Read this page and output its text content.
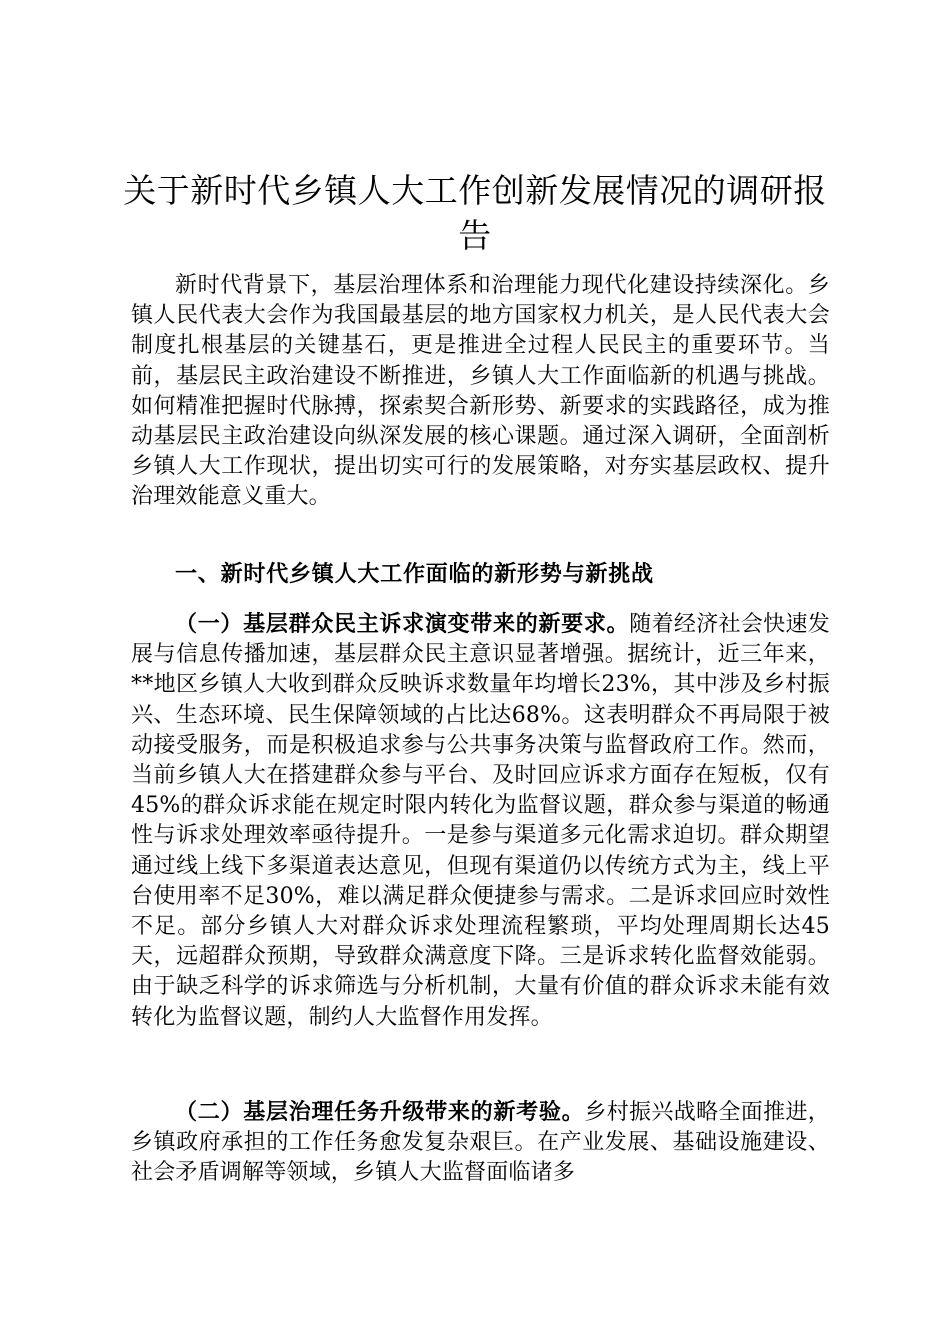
关于新时代乡镇人大工作创新发展情况的调研报告

新时代背景下，基层治理体系和治理能力现代化建设持续深化。乡镇人民代表大会作为我国最基层的地方国家权力机关，是人民代表大会制度扎根基层的关键基石，更是推进全过程人民民主的重要环节。当前，基层民主政治建设不断推进，乡镇人大工作面临新的机遇与挑战。如何精准把握时代脉搏，探索契合新形势、新要求的实践路径，成为推动基层民主政治建设向纵深发展的核心课题。通过深入调研，全面剖析乡镇人大工作现状，提出切实可行的发展策略，对夯实基层政权、提升治理效能意义重大。

一、新时代乡镇人大工作面临的新形势与新挑战

（一）基层群众民主诉求演变带来的新要求。随着经济社会快速发展与信息传播加速，基层群众民主意识显著增强。据统计，近三年来，**地区乡镇人大收到群众反映诉求数量年均增长23%，其中涉及乡村振兴、生态环境、民生保障领域的占比达68%。这表明群众不再局限于被动接受服务，而是积极追求参与公共事务决策与监督政府工作。然而，当前乡镇人大在搭建群众参与平台、及时回应诉求方面存在短板，仅有45%的群众诉求能在规定时限内转化为监督议题，群众参与渠道的畅通性与诉求处理效率亟待提升。一是参与渠道多元化需求迫切。群众期望通过线上线下多渠道表达意见，但现有渠道仍以传统方式为主，线上平台使用率不足30%，难以满足群众便捷参与需求。二是诉求回应时效性不足。部分乡镇人大对群众诉求处理流程繁琐，平均处理周期长达45天，远超群众预期，导致群众满意度下降。三是诉求转化监督效能弱。由于缺乏科学的诉求筛选与分析机制，大量有价值的群众诉求未能有效转化为监督议题，制约人大监督作用发挥。

（二）基层治理任务升级带来的新考验。乡村振兴战略全面推进，乡镇政府承担的工作任务愈发复杂艰巨。在产业发展、基础设施建设、社会矛盾调解等领域，乡镇人大监督面临诸多
